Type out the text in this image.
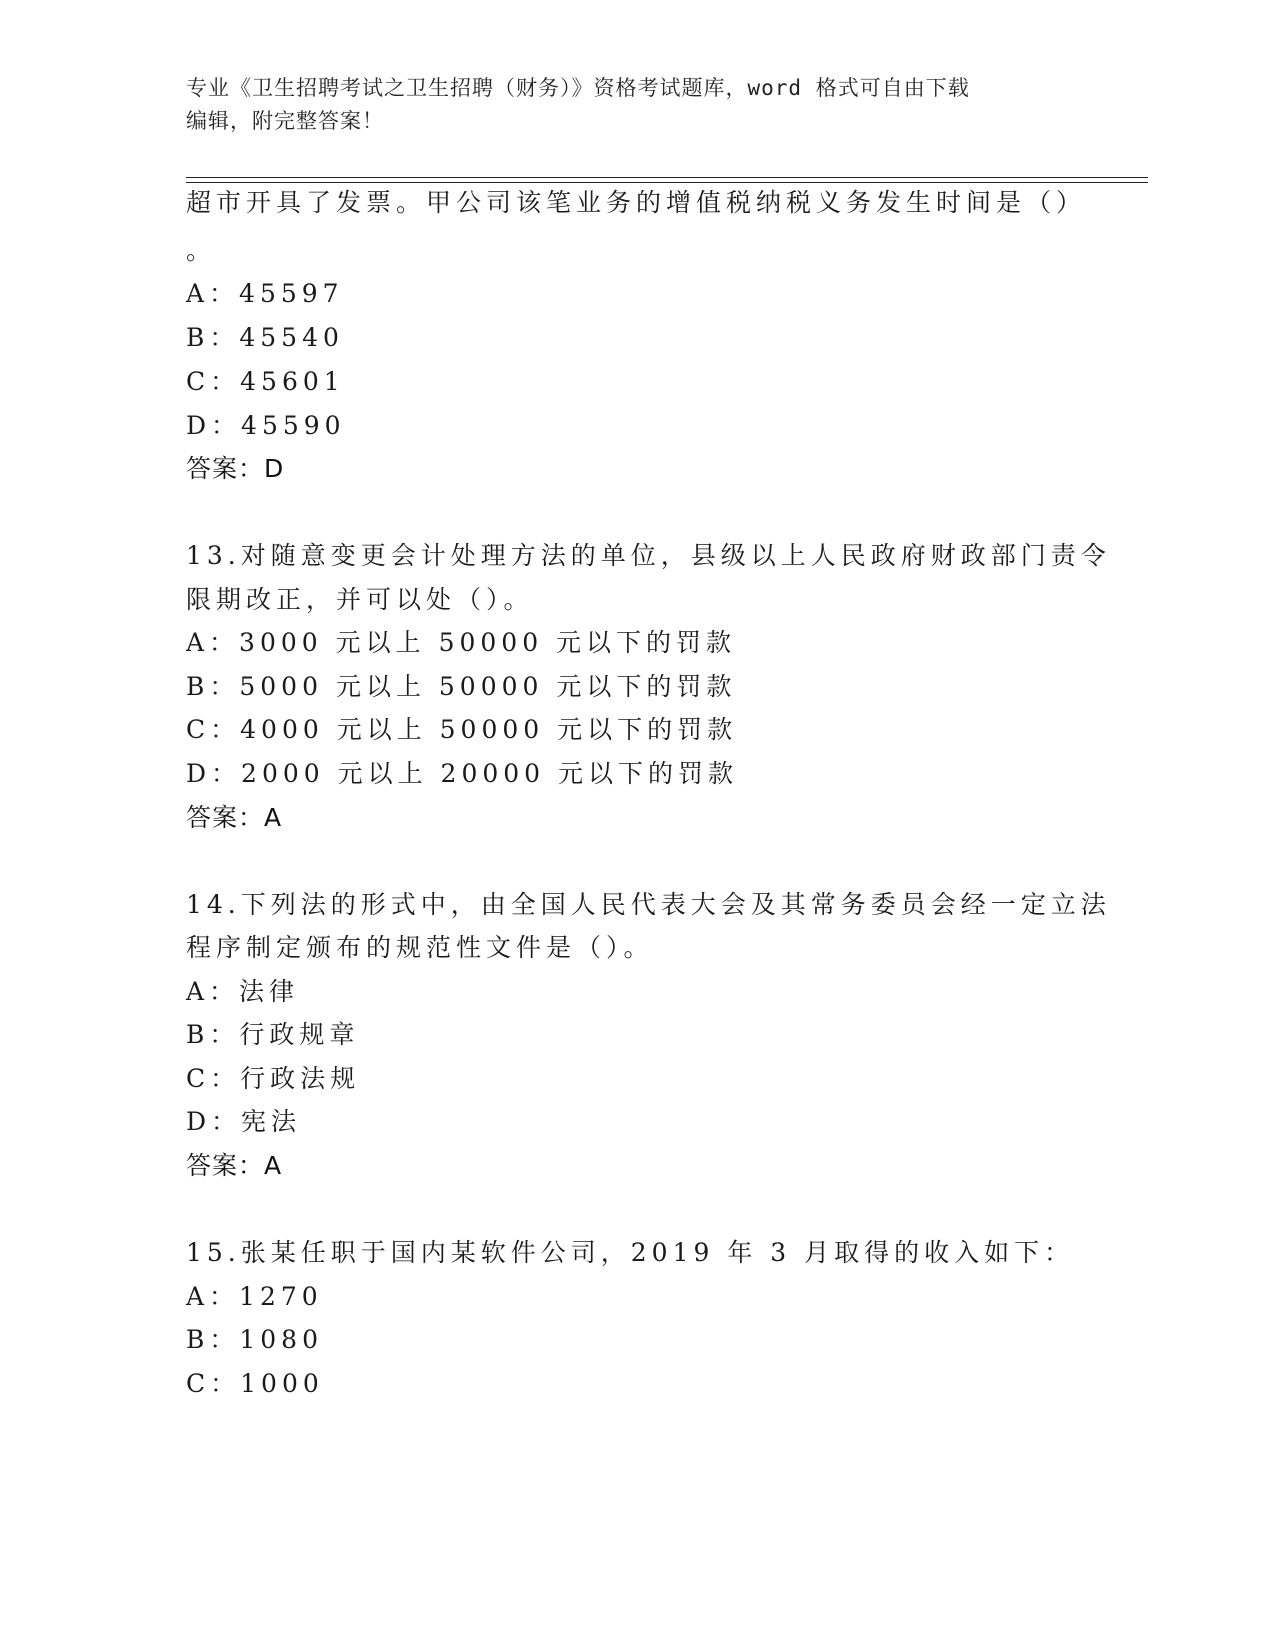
专业《卫生招聘考试之卫生招聘（财务）》资格考试题库，word 格式可自由下载

编辑，附完整答案！

超市开具了发票。甲公司该笔业务的增值税纳税义务发生时间是（）
。
A：45597
B：45540
C：45601
D：45590
答案：D
13.对随意变更会计处理方法的单位，县级以上人民政府财政部门责令
限期改正，并可以处（）。
A：3000 元以上 50000 元以下的罚款
B：5000 元以上 50000 元以下的罚款
C：4000 元以上 50000 元以下的罚款
D：2000 元以上 20000 元以下的罚款
答案：A
14.下列法的形式中，由全国人民代表大会及其常务委员会经一定立法
程序制定颁布的规范性文件是（）。
A：法律
B：行政规章
C：行政法规
D：宪法
答案：A
15.张某任职于国内某软件公司，2019 年 3 月取得的收入如下：
A：1270
B：1080
C：1000
